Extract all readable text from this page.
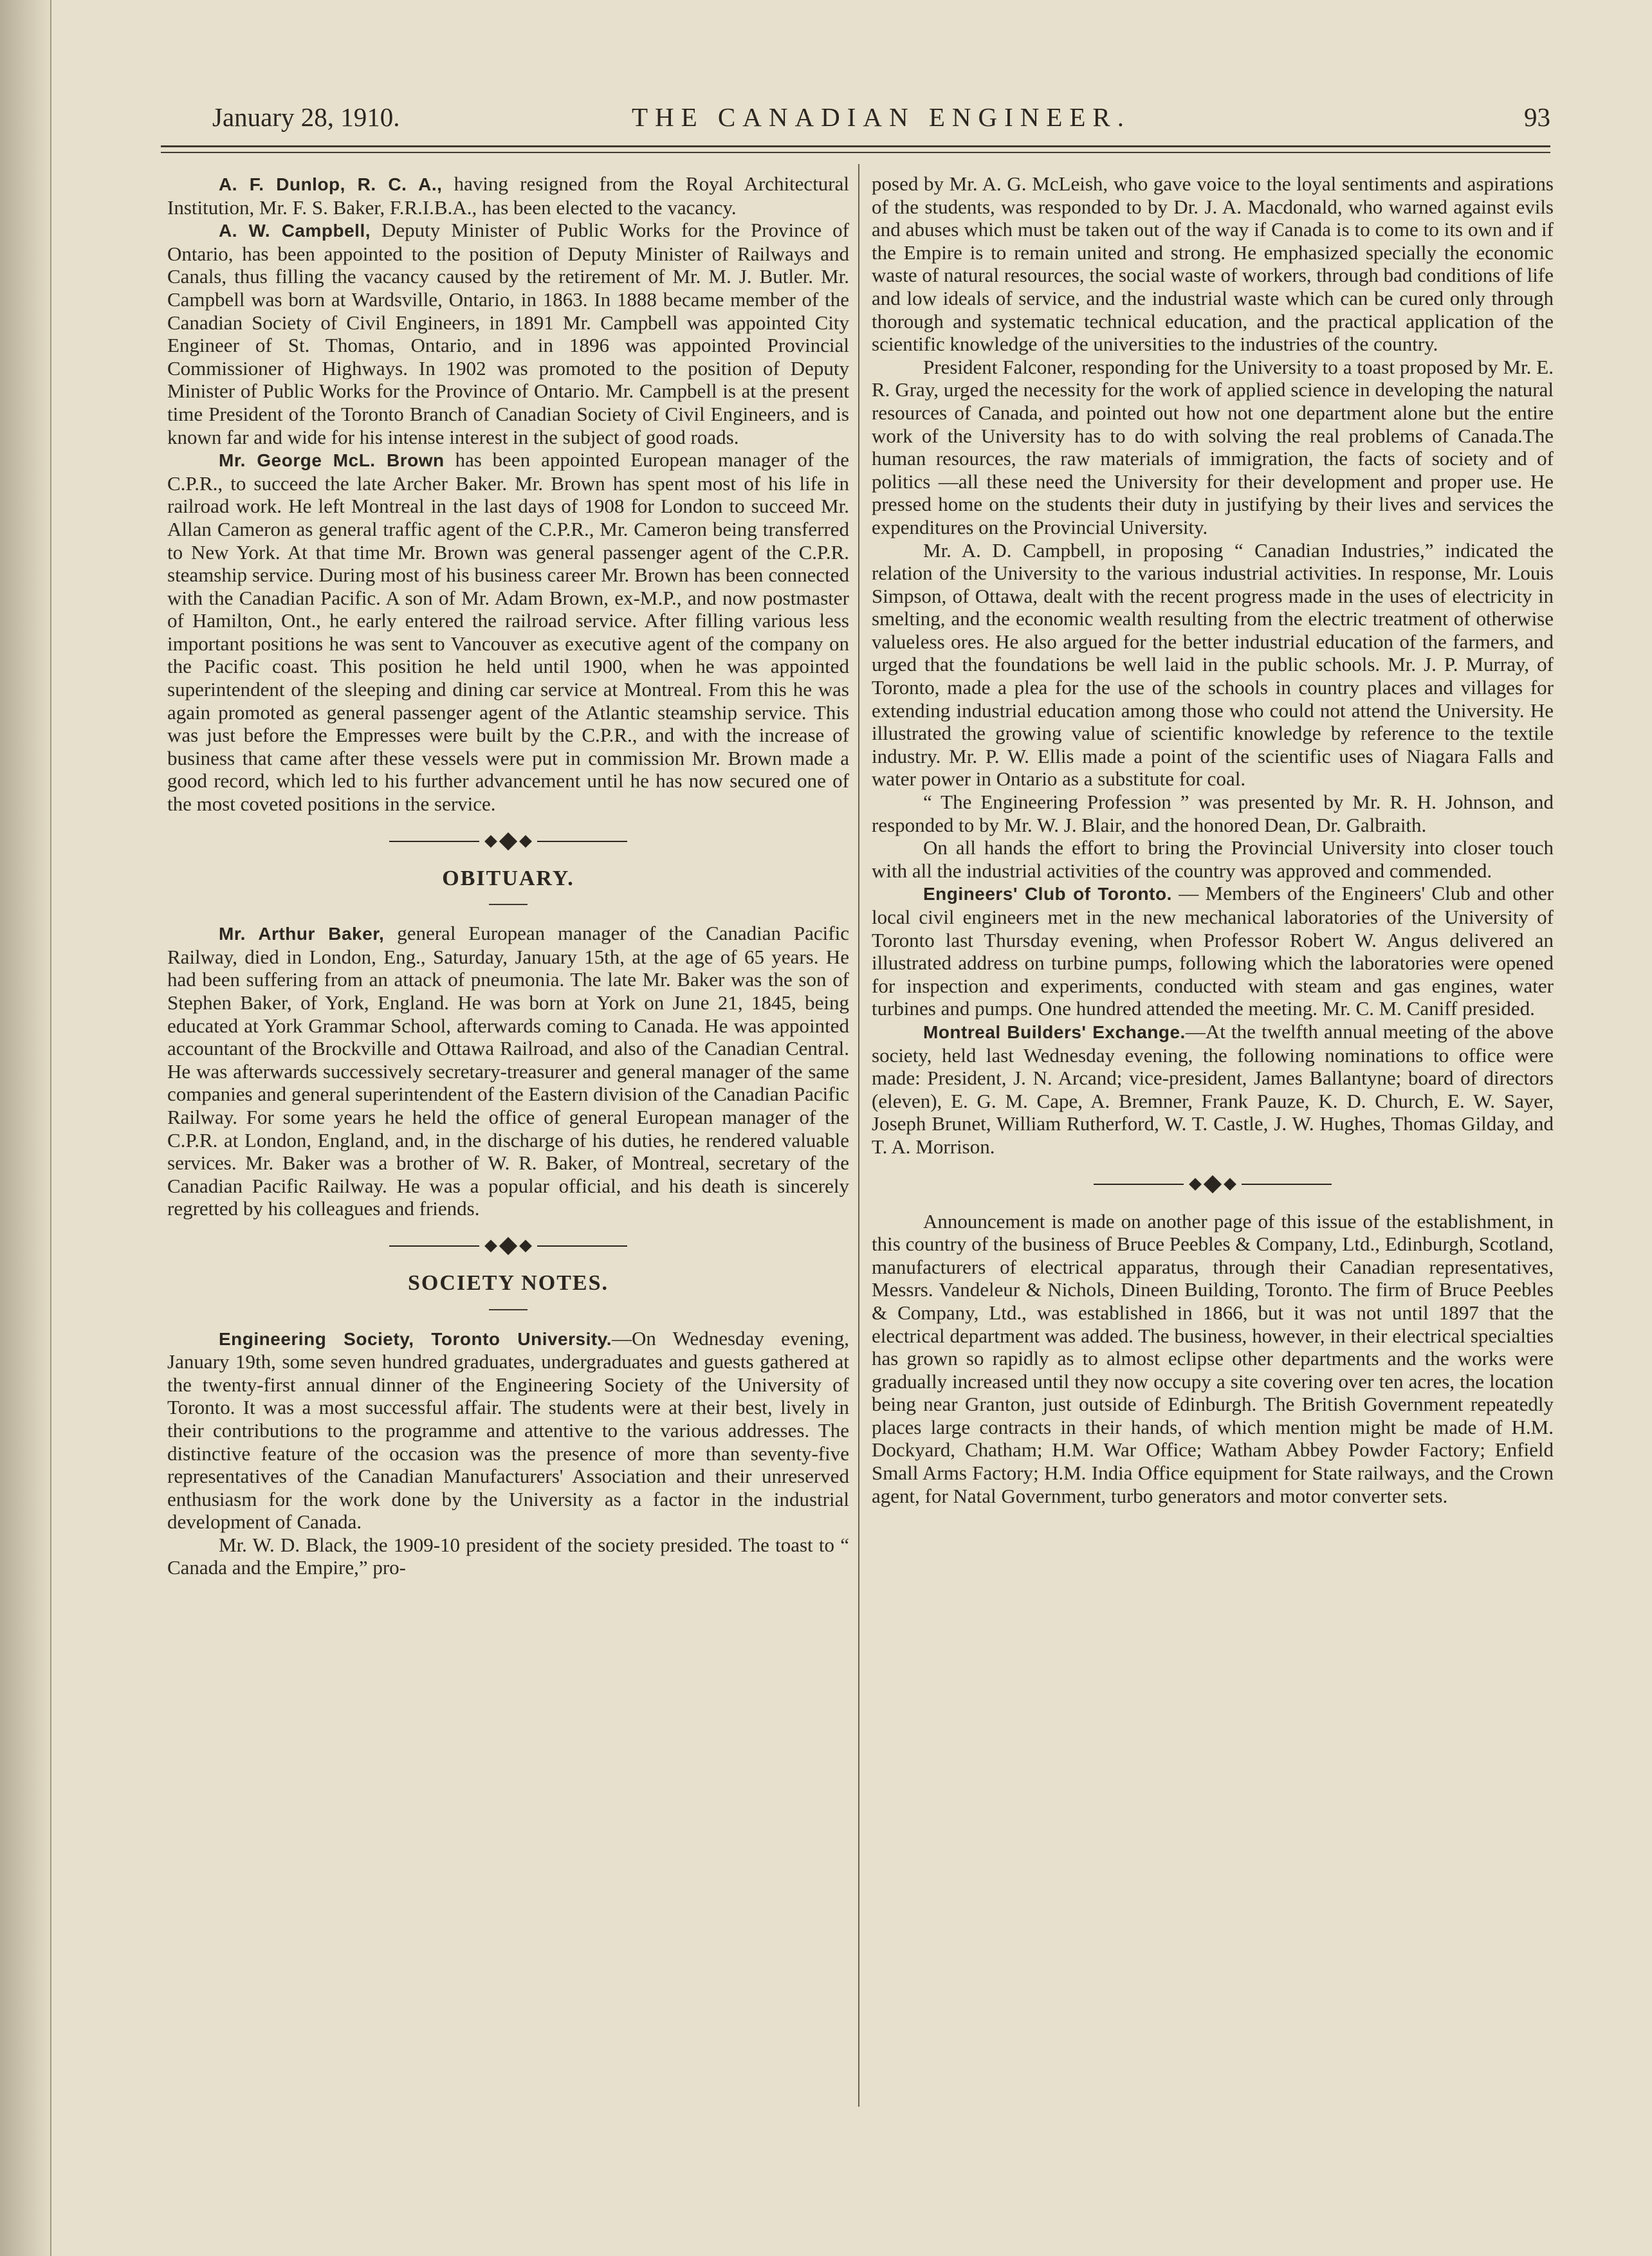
January 28, 1910.	THE CANADIAN ENGINEER.	93

A. F. Dunlop, R. C. A., having resigned from the Royal Architectural Institution, Mr. F. S. Baker, F.R.I.B.A., has been elected to the vacancy.

A. W. Campbell, Deputy Minister of Public Works for the Province of Ontario, has been appointed to the position of Deputy Minister of Railways and Canals, thus filling the vacancy caused by the retirement of Mr. M. J. Butler. Mr. Campbell was born at Wardsville, Ontario, in 1863. In 1888 became member of the Canadian Society of Civil Engineers, in 1891 Mr. Campbell was appointed City Engineer of St. Thomas, Ontario, and in 1896 was appointed Provincial Commissioner of Highways. In 1902 was promoted to the position of Deputy Minister of Public Works for the Province of Ontario. Mr. Campbell is at the present time President of the Toronto Branch of Canadian Society of Civil Engineers, and is known far and wide for his intense interest in the subject of good roads.

Mr. George McL. Brown has been appointed European manager of the C.P.R., to succeed the late Archer Baker. Mr. Brown has spent most of his life in railroad work. He left Montreal in the last days of 1908 for London to succeed Mr. Allan Cameron as general traffic agent of the C.P.R., Mr. Cameron being transferred to New York. At that time Mr. Brown was general passenger agent of the C.P.R. steamship service. During most of his business career Mr. Brown has been connected with the Canadian Pacific. A son of Mr. Adam Brown, ex-M.P., and now postmaster of Hamilton, Ont., he early entered the railroad service. After filling various less important positions he was sent to Vancouver as executive agent of the company on the Pacific coast. This position he held until 1900, when he was appointed superintendent of the sleeping and dining car service at Montreal. From this he was again promoted as general passenger agent of the Atlantic steamship service. This was just before the Empresses were built by the C.P.R., and with the increase of business that came after these vessels were put in commission Mr. Brown made a good record, which led to his further advancement until he has now secured one of the most coveted positions in the service.

OBITUARY.

Mr. Arthur Baker, general European manager of the Canadian Pacific Railway, died in London, Eng., Saturday, January 15th, at the age of 65 years. He had been suffering from an attack of pneumonia. The late Mr. Baker was the son of Stephen Baker, of York, England. He was born at York on June 21, 1845, being educated at York Grammar School, afterwards coming to Canada. He was appointed accountant of the Brockville and Ottawa Railroad, and also of the Canadian Central. He was afterwards successively secretary-treasurer and general manager of the same companies and general superintendent of the Eastern division of the Canadian Pacific Railway. For some years he held the office of general European manager of the C.P.R. at London, England, and, in the discharge of his duties, he rendered valuable services. Mr. Baker was a brother of W. R. Baker, of Montreal, secretary of the Canadian Pacific Railway. He was a popular official, and his death is sincerely regretted by his colleagues and friends.

SOCIETY NOTES.

Engineering Society, Toronto University.—On Wednesday evening, January 19th, some seven hundred graduates, undergraduates and guests gathered at the twenty-first annual dinner of the Engineering Society of the University of Toronto. It was a most successful affair. The students were at their best, lively in their contributions to the programme and attentive to the various addresses. The distinctive feature of the occasion was the presence of more than seventy-five representatives of the Canadian Manufacturers' Association and their unreserved enthusiasm for the work done by the University as a factor in the industrial development of Canada.

Mr. W. D. Black, the 1909-10 president of the society presided. The toast to “ Canada and the Empire,” pro-

posed by Mr. A. G. McLeish, who gave voice to the loyal sentiments and aspirations of the students, was responded to by Dr. J. A. Macdonald, who warned against evils and abuses which must be taken out of the way if Canada is to come to its own and if the Empire is to remain united and strong. He emphasized specially the economic waste of natural resources, the social waste of workers, through bad conditions of life and low ideals of service, and the industrial waste which can be cured only through thorough and systematic technical education, and the practical application of the scientific knowledge of the universities to the industries of the country.

President Falconer, responding for the University to a toast proposed by Mr. E. R. Gray, urged the necessity for the work of applied science in developing the natural resources of Canada, and pointed out how not one department alone but the entire work of the University has to do with solving the real problems of Canada.The human resources, the raw materials of immigration, the facts of society and of politics —all these need the University for their development and proper use. He pressed home on the students their duty in justifying by their lives and services the expenditures on the Provincial University.

Mr. A. D. Campbell, in proposing “ Canadian Industries,” indicated the relation of the University to the various industrial activities. In response, Mr. Louis Simpson, of Ottawa, dealt with the recent progress made in the uses of electricity in smelting, and the economic wealth resulting from the electric treatment of otherwise valueless ores. He also argued for the better industrial education of the farmers, and urged that the foundations be well laid in the public schools. Mr. J. P. Murray, of Toronto, made a plea for the use of the schools in country places and villages for extending industrial education among those who could not attend the University. He illustrated the growing value of scientific knowledge by reference to the textile industry. Mr. P. W. Ellis made a point of the scientific uses of Niagara Falls and water power in Ontario as a substitute for coal.

“ The Engineering Profession ” was presented by Mr. R. H. Johnson, and responded to by Mr. W. J. Blair, and the honored Dean, Dr. Galbraith.

On all hands the effort to bring the Provincial University into closer touch with all the industrial activities of the country was approved and commended.

Engineers' Club of Toronto. — Members of the Engineers' Club and other local civil engineers met in the new mechanical laboratories of the University of Toronto last Thursday evening, when Professor Robert W. Angus delivered an illustrated address on turbine pumps, following which the laboratories were opened for inspection and experiments, conducted with steam and gas engines, water turbines and pumps. One hundred attended the meeting. Mr. C. M. Caniff presided.

Montreal Builders' Exchange.—At the twelfth annual meeting of the above society, held last Wednesday evening, the following nominations to office were made: President, J. N. Arcand; vice-president, James Ballantyne; board of directors (eleven), E. G. M. Cape, A. Bremner, Frank Pauze, K. D. Church, E. W. Sayer, Joseph Brunet, William Rutherford, W. T. Castle, J. W. Hughes, Thomas Gilday, and T. A. Morrison.

Announcement is made on another page of this issue of the establishment, in this country of the business of Bruce Peebles & Company, Ltd., Edinburgh, Scotland, manufacturers of electrical apparatus, through their Canadian representatives, Messrs. Vandeleur & Nichols, Dineen Building, Toronto. The firm of Bruce Peebles & Company, Ltd., was established in 1866, but it was not until 1897 that the electrical department was added. The business, however, in their electrical specialties has grown so rapidly as to almost eclipse other departments and the works were gradually increased until they now occupy a site covering over ten acres, the location being near Granton, just outside of Edinburgh. The British Government repeatedly places large contracts in their hands, of which mention might be made of H.M. Dockyard, Chatham; H.M. War Office; Watham Abbey Powder Factory; Enfield Small Arms Factory; H.M. India Office equipment for State railways, and the Crown agent, for Natal Government, turbo generators and motor converter sets.
